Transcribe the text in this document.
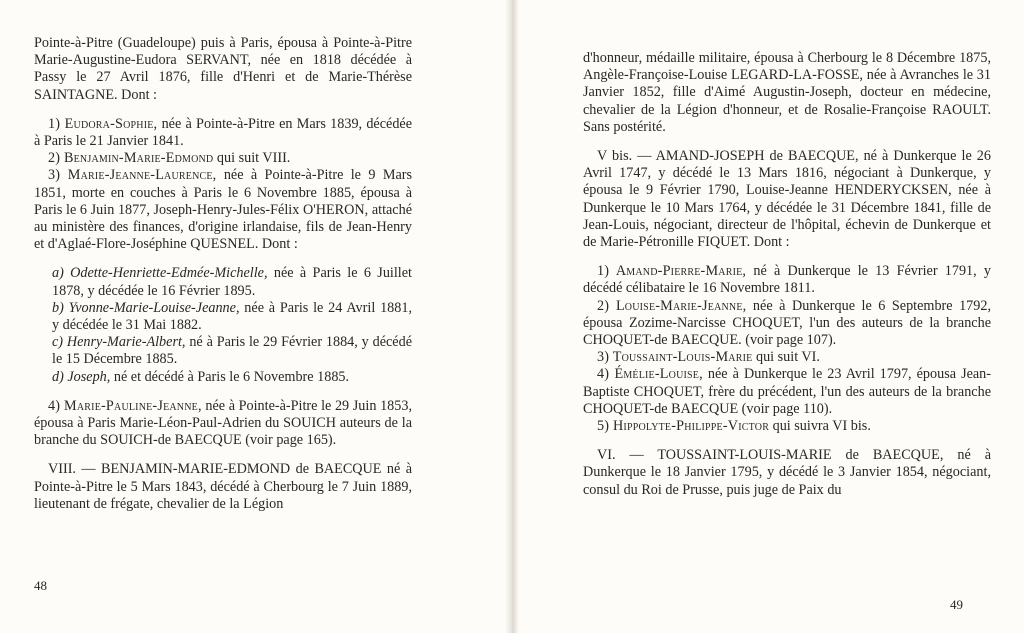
Pointe-à-Pitre (Guadeloupe) puis à Paris, épousa à Pointe-à-Pitre Marie-Augustine-Eudora SERVANT, née en 1818 décédée à Passy le 27 Avril 1876, fille d'Henri et de Marie-Thérèse SAINTAGNE. Dont :

1) Eudora-Sophie, née à Pointe-à-Pitre en Mars 1839, décédée à Paris le 21 Janvier 1841.

2) Benjamin-Marie-Edmond qui suit VIII.

3) Marie-Jeanne-Laurence, née à Pointe-à-Pitre le 9 Mars 1851, morte en couches à Paris le 6 Novembre 1885, épousa à Paris le 6 Juin 1877, Joseph-Henry-Jules-Félix O'HERON, attaché au ministère des finances, d'origine irlandaise, fils de Jean-Henry et d'Aglaé-Flore-Joséphine QUESNEL. Dont :

a) Odette-Henriette-Edmée-Michelle, née à Paris le 6 Juillet 1878, y décédée le 16 Février 1895.

b) Yvonne-Marie-Louise-Jeanne, née à Paris le 24 Avril 1881, y décédée le 31 Mai 1882.

c) Henry-Marie-Albert, né à Paris le 29 Février 1884, y décédé le 15 Décembre 1885.

d) Joseph, né et décédé à Paris le 6 Novembre 1885.

4) Marie-Pauline-Jeanne, née à Pointe-à-Pitre le 29 Juin 1853, épousa à Paris Marie-Léon-Paul-Adrien du SOUICH auteurs de la branche du SOUICH-de BAECQUE (voir page 165).

VIII. — BENJAMIN-MARIE-EDMOND de BAECQUE né à Pointe-à-Pitre le 5 Mars 1843, décédé à Cherbourg le 7 Juin 1889, lieutenant de frégate, chevalier de la Légion

48

d'honneur, médaille militaire, épousa à Cherbourg le 8 Décembre 1875, Angèle-Françoise-Louise LEGARD-LA-FOSSE, née à Avranches le 31 Janvier 1852, fille d'Aimé Augustin-Joseph, docteur en médecine, chevalier de la Légion d'honneur, et de Rosalie-Françoise RAOULT. Sans postérité.

V bis. — AMAND-JOSEPH de BAECQUE, né à Dunkerque le 26 Avril 1747, y décédé le 13 Mars 1816, négociant à Dunkerque, y épousa le 9 Février 1790, Louise-Jeanne HENDERYCKSEN, née à Dunkerque le 10 Mars 1764, y décédée le 31 Décembre 1841, fille de Jean-Louis, négociant, directeur de l'hôpital, échevin de Dunkerque et de Marie-Pétronille FIQUET. Dont :

1) Amand-Pierre-Marie, né à Dunkerque le 13 Février 1791, y décédé célibataire le 16 Novembre 1811.

2) Louise-Marie-Jeanne, née à Dunkerque le 6 Septembre 1792, épousa Zozime-Narcisse CHOQUET, l'un des auteurs de la branche CHOQUET-de BAECQUE. (voir page 107).

3) Toussaint-Louis-Marie qui suit VI.

4) Émélie-Louise, née à Dunkerque le 23 Avril 1797, épousa Jean-Baptiste CHOQUET, frère du précédent, l'un des auteurs de la branche CHOQUET-de BAECQUE (voir page 110).

5) Hippolyte-Philippe-Victor qui suivra VI bis.

VI. — TOUSSAINT-LOUIS-MARIE de BAECQUE, né à Dunkerque le 18 Janvier 1795, y décédé le 3 Janvier 1854, négociant, consul du Roi de Prusse, puis juge de Paix du

49
